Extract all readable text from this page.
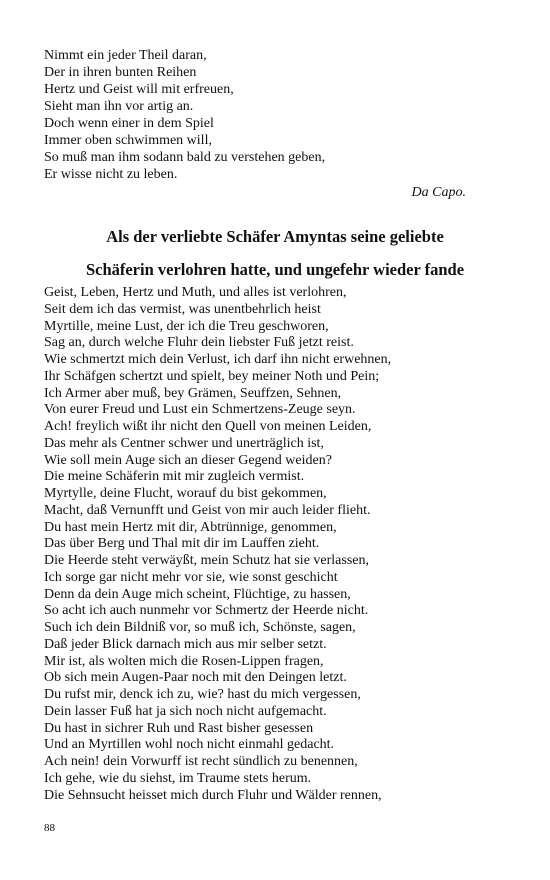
Nimmt ein jeder Theil daran,
Der in ihren bunten Reihen
Hertz und Geist will mit erfreuen,
Sieht man ihn vor artig an.
Doch wenn einer in dem Spiel
Immer oben schwimmen will,
So muß man ihm sodann bald zu verstehen geben,
Er wisse nicht zu leben.
Da Capo.
Als der verliebte Schäfer Amyntas seine geliebte
Schäferin verlohren hatte, und ungefehr wieder fande
Geist, Leben, Hertz und Muth, und alles ist verlohren,
Seit dem ich das vermist, was unentbehrlich heist
Myrtille, meine Lust, der ich die Treu geschworen,
Sag an, durch welche Fluhr dein liebster Fuß jetzt reist.
Wie schmertzt mich dein Verlust, ich darf ihn nicht erwehnen,
Ihr Schäfgen schertzt und spielt, bey meiner Noth und Pein;
Ich Armer aber muß, bey Grämen, Seuffzen, Sehnen,
Von eurer Freud und Lust ein Schmertzens-Zeuge seyn.
Ach! freylich wißt ihr nicht den Quell von meinen Leiden,
Das mehr als Centner schwer und unerträglich ist,
Wie soll mein Auge sich an dieser Gegend weiden?
Die meine Schäferin mit mir zugleich vermist.
Myrtylle, deine Flucht, worauf du bist gekommen,
Macht, daß Vernunfft und Geist von mir auch leider flieht.
Du hast mein Hertz mit dir, Abtrünnige, genommen,
Das über Berg und Thal mit dir im Lauffen zieht.
Die Heerde steht verwäyßt, mein Schutz hat sie verlassen,
Ich sorge gar nicht mehr vor sie, wie sonst geschicht
Denn da dein Auge mich scheint, Flüchtige, zu hassen,
So acht ich auch nunmehr vor Schmertz der Heerde nicht.
Such ich dein Bildniß vor, so muß ich, Schönste, sagen,
Daß jeder Blick darnach mich aus mir selber setzt.
Mir ist, als wolten mich die Rosen-Lippen fragen,
Ob sich mein Augen-Paar noch mit den Deingen letzt.
Du rufst mir, denck ich zu, wie? hast du mich vergessen,
Dein lasser Fuß hat ja sich noch nicht aufgemacht.
Du hast in sichrer Ruh und Rast bisher gesessen
Und an Myrtillen wohl noch nicht einmahl gedacht.
Ach nein! dein Vorwurff ist recht sündlich zu benennen,
Ich gehe, wie du siehst, im Traume stets herum.
Die Sehnsucht heisset mich durch Fluhr und Wälder rennen,
88
